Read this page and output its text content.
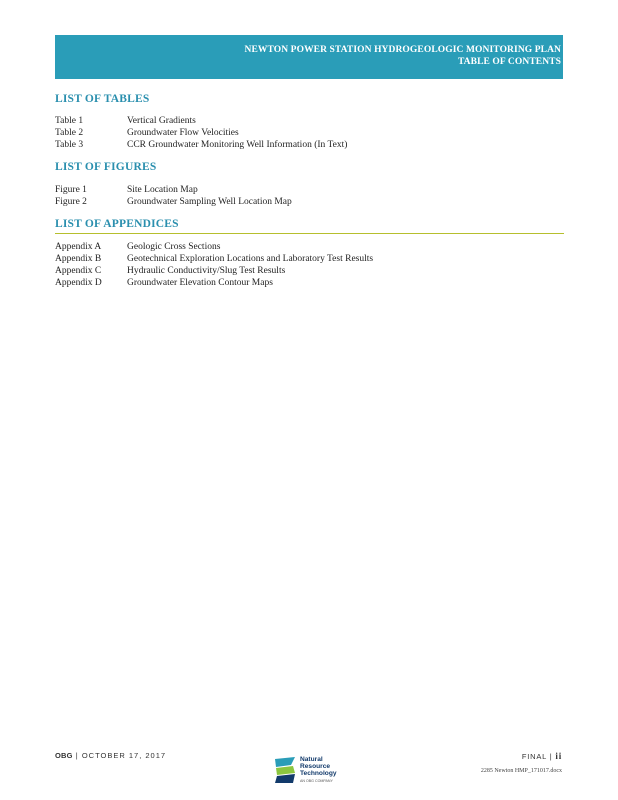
NEWTON POWER STATION HYDROGEOLOGIC MONITORING PLAN
TABLE OF CONTENTS
LIST OF TABLES
Table 1	Vertical Gradients
Table 2	Groundwater Flow Velocities
Table 3	CCR Groundwater Monitoring Well Information (In Text)
LIST OF FIGURES
Figure 1	Site Location Map
Figure 2	Groundwater Sampling Well Location Map
LIST OF APPENDICES
Appendix A	Geologic Cross Sections
Appendix B	Geotechnical Exploration Locations and Laboratory Test Results
Appendix C	Hydraulic Conductivity/Slug Test Results
Appendix D	Groundwater Elevation Contour Maps
OBG | OCTOBER 17, 2017	Natural
Resource
Technology
AN OBG COMPANY
FINAL | ii
2285 Newton HMP_171017.docx
